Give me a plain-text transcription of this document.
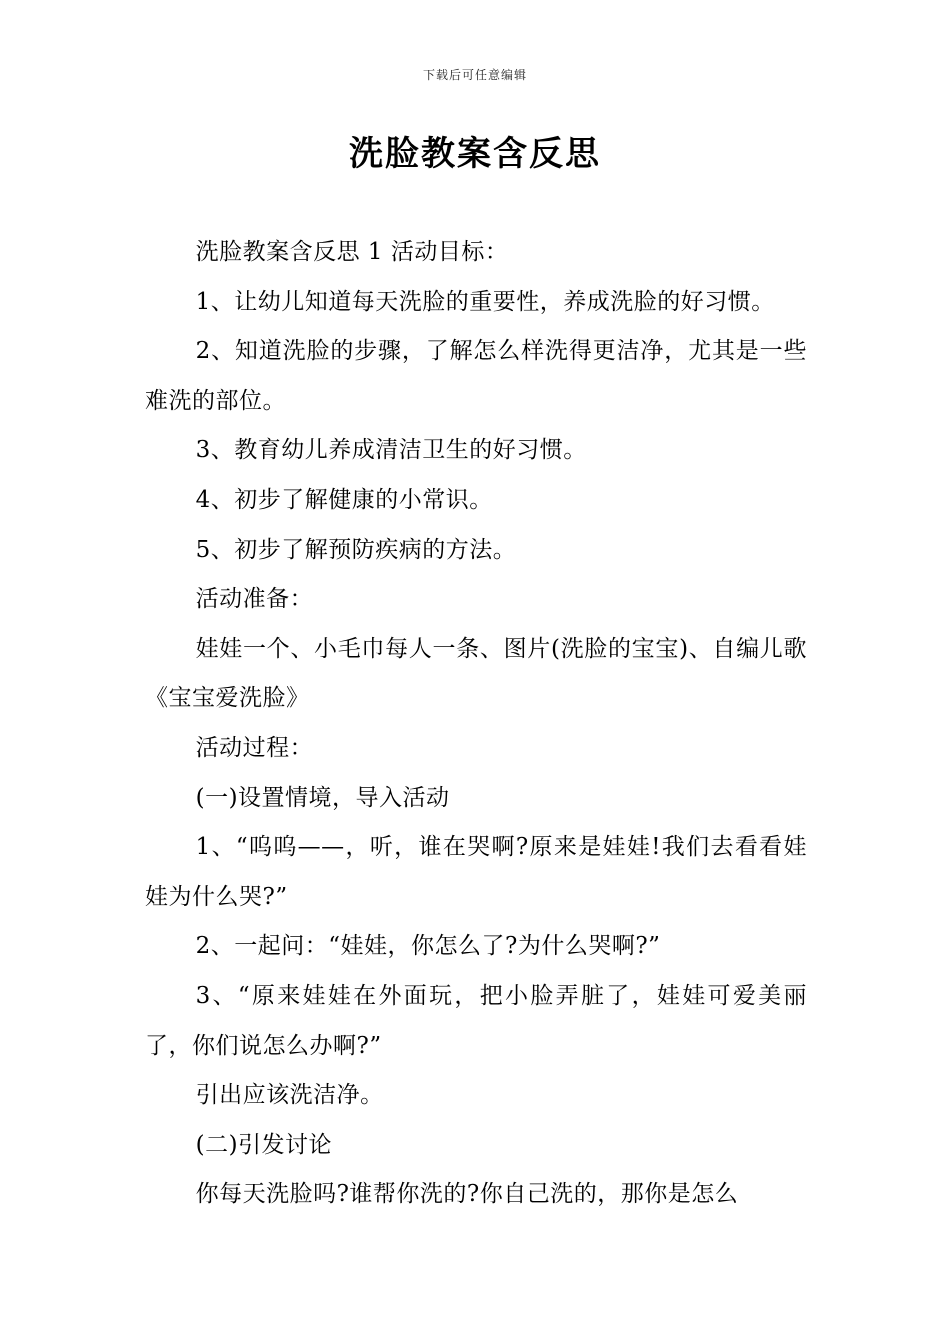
下载后可任意编辑
洗脸教案含反思

洗脸教案含反思 1 活动目标：

1、让幼儿知道每天洗脸的重要性，养成洗脸的好习惯。

2、知道洗脸的步骤，了解怎么样洗得更洁净，尤其是一些难洗的部位。

3、教育幼儿养成清洁卫生的好习惯。

4、初步了解健康的小常识。

5、初步了解预防疾病的方法。

活动准备：

娃娃一个、小毛巾每人一条、图片(洗脸的宝宝)、自编儿歌《宝宝爱洗脸》

活动过程：

(一)设置情境，导入活动

1、“呜呜——，听，谁在哭啊?原来是娃娃!我们去看看娃娃为什么哭?”

2、一起问：“娃娃，你怎么了?为什么哭啊?”

3、“原来娃娃在外面玩，把小脸弄脏了，娃娃可爱美丽了，你们说怎么办啊?”

引出应该洗洁净。

(二)引发讨论

你每天洗脸吗?谁帮你洗的?你自己洗的，那你是怎么
